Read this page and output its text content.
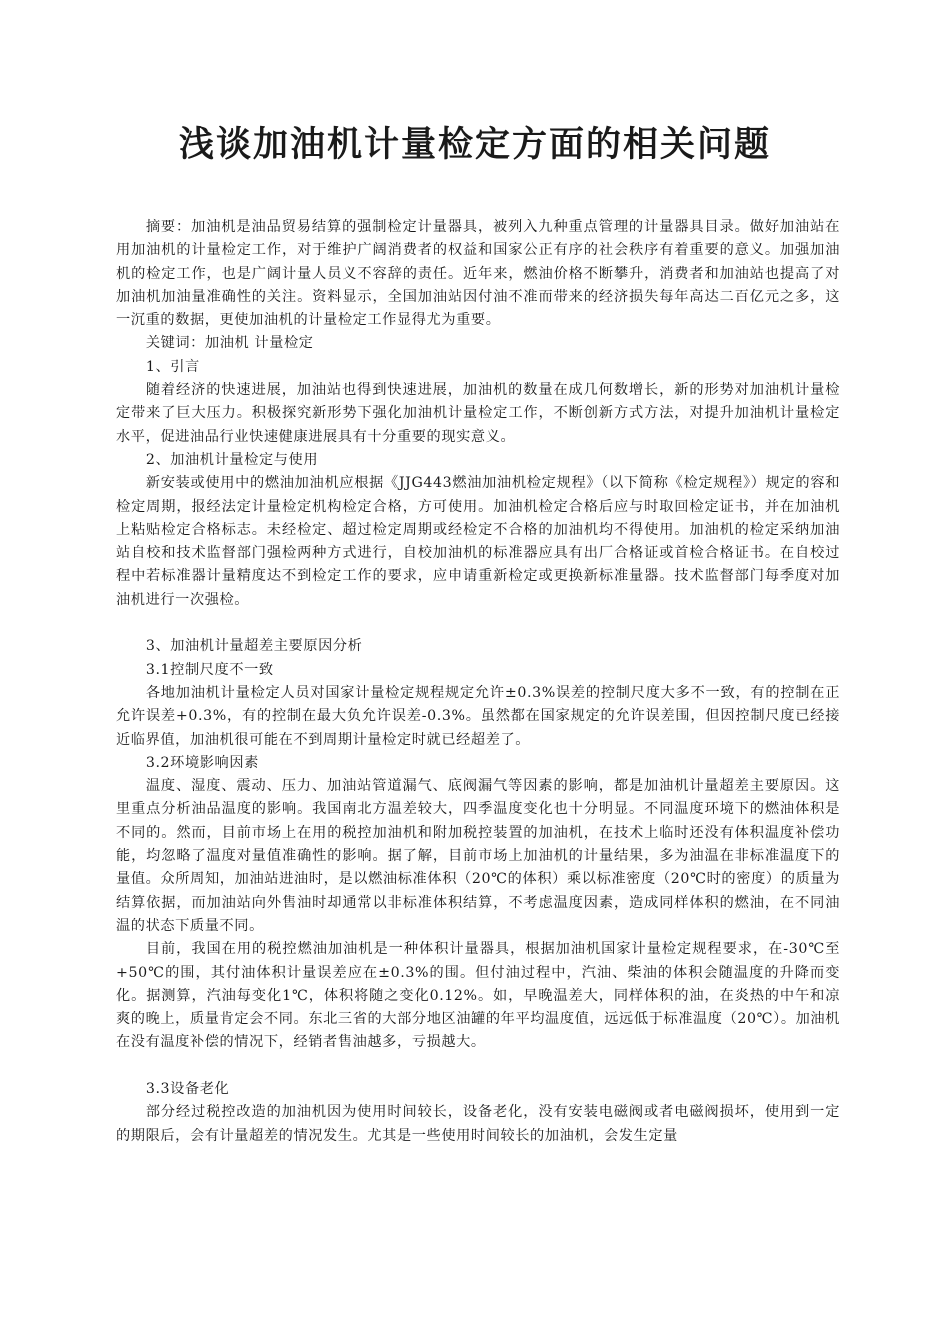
浅谈加油机计量检定方面的相关问题

摘要：加油机是油品贸易结算的强制检定计量器具，被列入九种重点管理的计量器具目录。做好加油站在用加油机的计量检定工作，对于维护广阔消费者的权益和国家公正有序的社会秩序有着重要的意义。加强加油机的检定工作，也是广阔计量人员义不容辞的责任。近年来，燃油价格不断攀升，消费者和加油站也提高了对加油机加油量准确性的关注。资料显示，全国加油站因付油不准而带来的经济损失每年高达二百亿元之多，这一沉重的数据，更使加油机的计量检定工作显得尤为重要。

关键词：加油机 计量检定

1、引言

随着经济的快速进展，加油站也得到快速进展，加油机的数量在成几何数增长，新的形势对加油机计量检定带来了巨大压力。积极探究新形势下强化加油机计量检定工作，不断创新方式方法，对提升加油机计量检定水平，促进油品行业快速健康进展具有十分重要的现实意义。

2、加油机计量检定与使用

新安装或使用中的燃油加油机应根据《JJG443燃油加油机检定规程》（以下简称《检定规程》）规定的容和检定周期，报经法定计量检定机构检定合格，方可使用。加油机检定合格后应与时取回检定证书，并在加油机上粘贴检定合格标志。未经检定、超过检定周期或经检定不合格的加油机均不得使用。加油机的检定采纳加油站自校和技术监督部门强检两种方式进行，自校加油机的标准器应具有出厂合格证或首检合格证书。在自校过程中若标准器计量精度达不到检定工作的要求，应申请重新检定或更换新标准量器。技术监督部门每季度对加油机进行一次强检。

3、加油机计量超差主要原因分析

3.1控制尺度不一致

各地加油机计量检定人员对国家计量检定规程规定允许±0.3%误差的控制尺度大多不一致，有的控制在正允许误差+0.3%，有的控制在最大负允许误差-0.3%。虽然都在国家规定的允许误差围，但因控制尺度已经接近临界值，加油机很可能在不到周期计量检定时就已经超差了。

3.2环境影响因素

温度、湿度、震动、压力、加油站管道漏气、底阀漏气等因素的影响，都是加油机计量超差主要原因。这里重点分析油品温度的影响。我国南北方温差较大，四季温度变化也十分明显。不同温度环境下的燃油体积是不同的。然而，目前市场上在用的税控加油机和附加税控装置的加油机，在技术上临时还没有体积温度补偿功能，均忽略了温度对量值准确性的影响。据了解，目前市场上加油机的计量结果，多为油温在非标准温度下的量值。众所周知，加油站进油时，是以燃油标准体积（20℃的体积）乘以标准密度（20℃时的密度）的质量为结算依据，而加油站向外售油时却通常以非标准体积结算，不考虑温度因素，造成同样体积的燃油，在不同油温的状态下质量不同。

目前，我国在用的税控燃油加油机是一种体积计量器具，根据加油机国家计量检定规程要求，在-30℃至+50℃的围，其付油体积计量误差应在±0.3%的围。但付油过程中，汽油、柴油的体积会随温度的升降而变化。据测算，汽油每变化1℃，体积将随之变化0.12%。如，早晚温差大，同样体积的油，在炎热的中午和凉爽的晚上，质量肯定会不同。东北三省的大部分地区油罐的年平均温度值，远远低于标准温度（20℃）。加油机在没有温度补偿的情况下，经销者售油越多，亏损越大。

3.3设备老化

部分经过税控改造的加油机因为使用时间较长，设备老化，没有安装电磁阀或者电磁阀损坏，使用到一定的期限后，会有计量超差的情况发生。尤其是一些使用时间较长的加油机，会发生定量
